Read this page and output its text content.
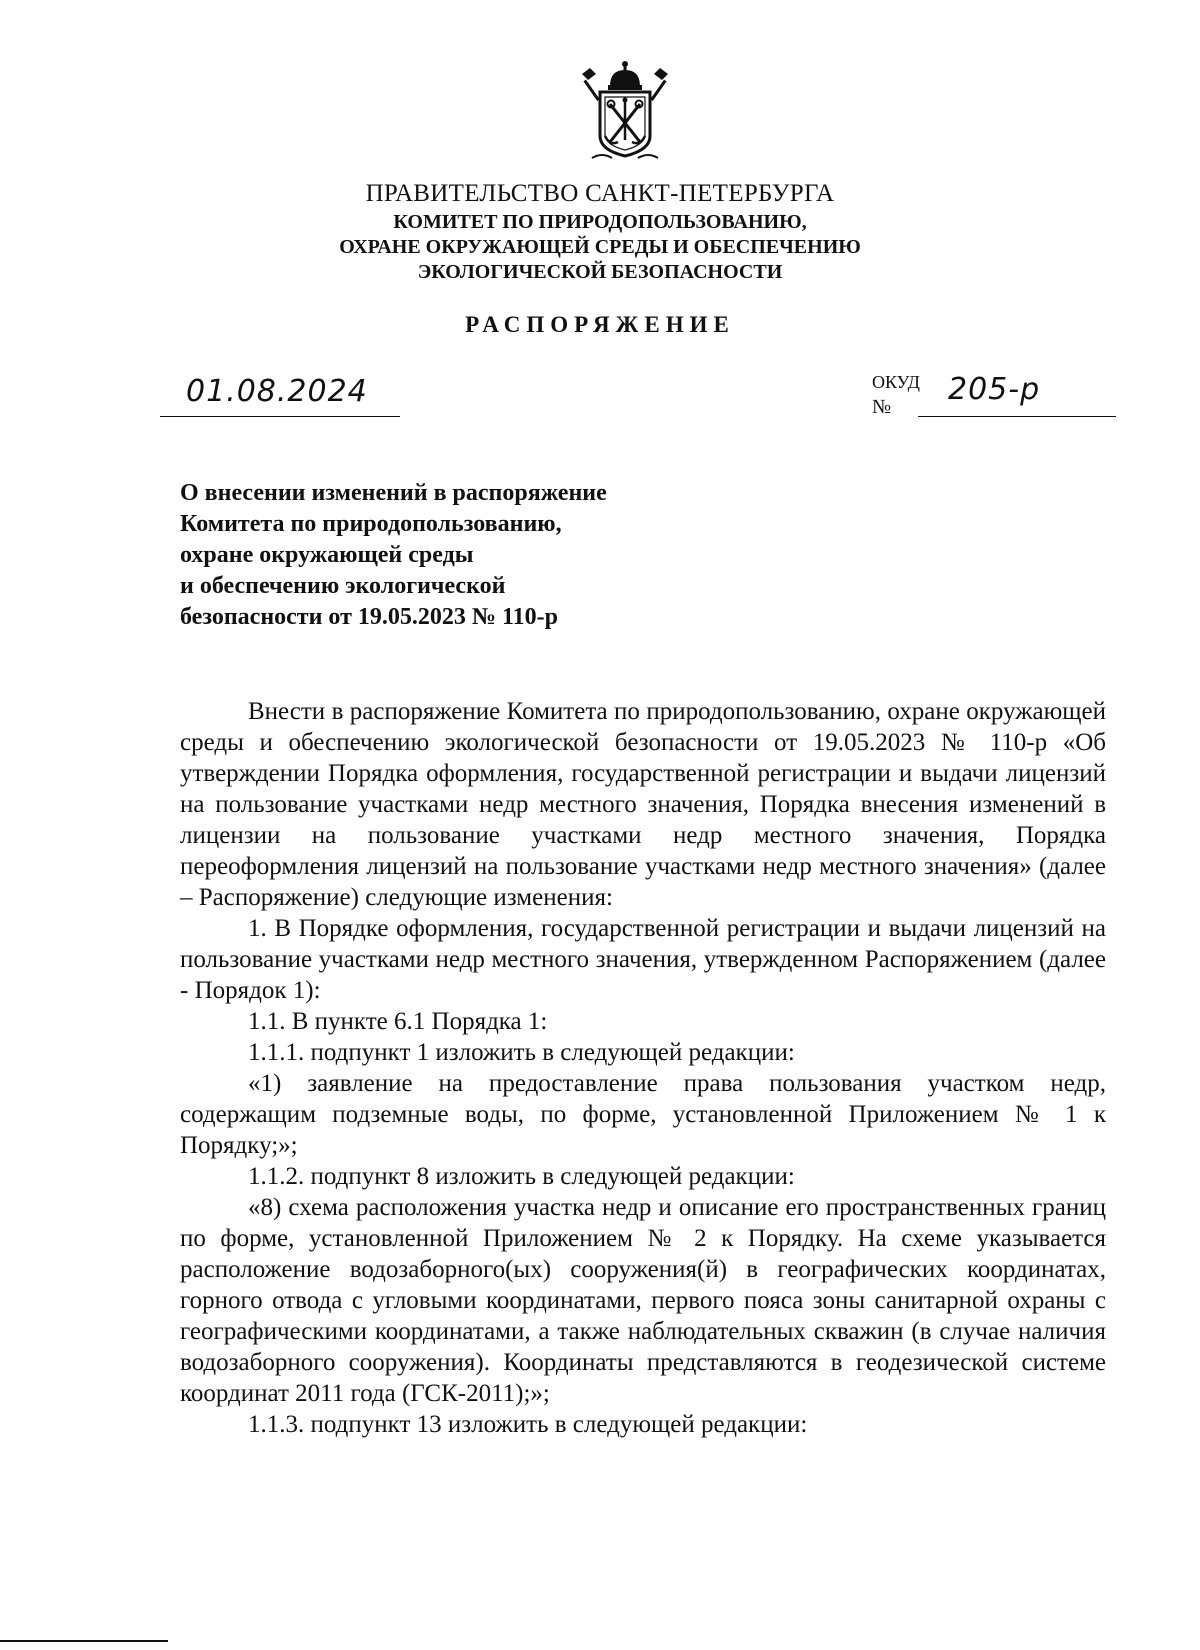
ПРАВИТЕЛЬСТВО САНКТ-ПЕТЕРБУРГА
КОМИТЕТ ПО ПРИРОДОПОЛЬЗОВАНИЮ,
ОХРАНЕ ОКРУЖАЮЩЕЙ СРЕДЫ И ОБЕСПЕЧЕНИЮ
ЭКОЛОГИЧЕСКОЙ БЕЗОПАСНОСТИ
РАСПОРЯЖЕНИЕ
01.08.2024	ОКУД
№ 205-р
О внесении изменений в распоряжение
Комитета по природопользованию,
охране окружающей среды
и обеспечению экологической
безопасности от 19.05.2023 № 110-р
Внести в распоряжение Комитета по природопользованию, охране окружающей среды и обеспечению экологической безопасности от 19.05.2023 № 110-р «Об утверждении Порядка оформления, государственной регистрации и выдачи лицензий на пользование участками недр местного значения, Порядка внесения изменений в лицензии на пользование участками недр местного значения, Порядка переоформления лицензий на пользование участками недр местного значения» (далее – Распоряжение) следующие изменения:
1. В Порядке оформления, государственной регистрации и выдачи лицензий на пользование участками недр местного значения, утвержденном Распоряжением (далее - Порядок 1):
1.1. В пункте 6.1 Порядка 1:
1.1.1. подпункт 1 изложить в следующей редакции:
«1) заявление на предоставление права пользования участком недр, содержащим подземные воды, по форме, установленной Приложением № 1 к Порядку;»;
1.1.2. подпункт 8 изложить в следующей редакции:
«8) схема расположения участка недр и описание его пространственных границ по форме, установленной Приложением № 2 к Порядку. На схеме указывается расположение водозаборного(ых) сооружения(й) в географических координатах, горного отвода с угловыми координатами, первого пояса зоны санитарной охраны с географическими координатами, а также наблюдательных скважин (в случае наличия водозаборного сооружения). Координаты представляются в геодезической системе координат 2011 года (ГСК-2011);»;
1.1.3. подпункт 13 изложить в следующей редакции:
